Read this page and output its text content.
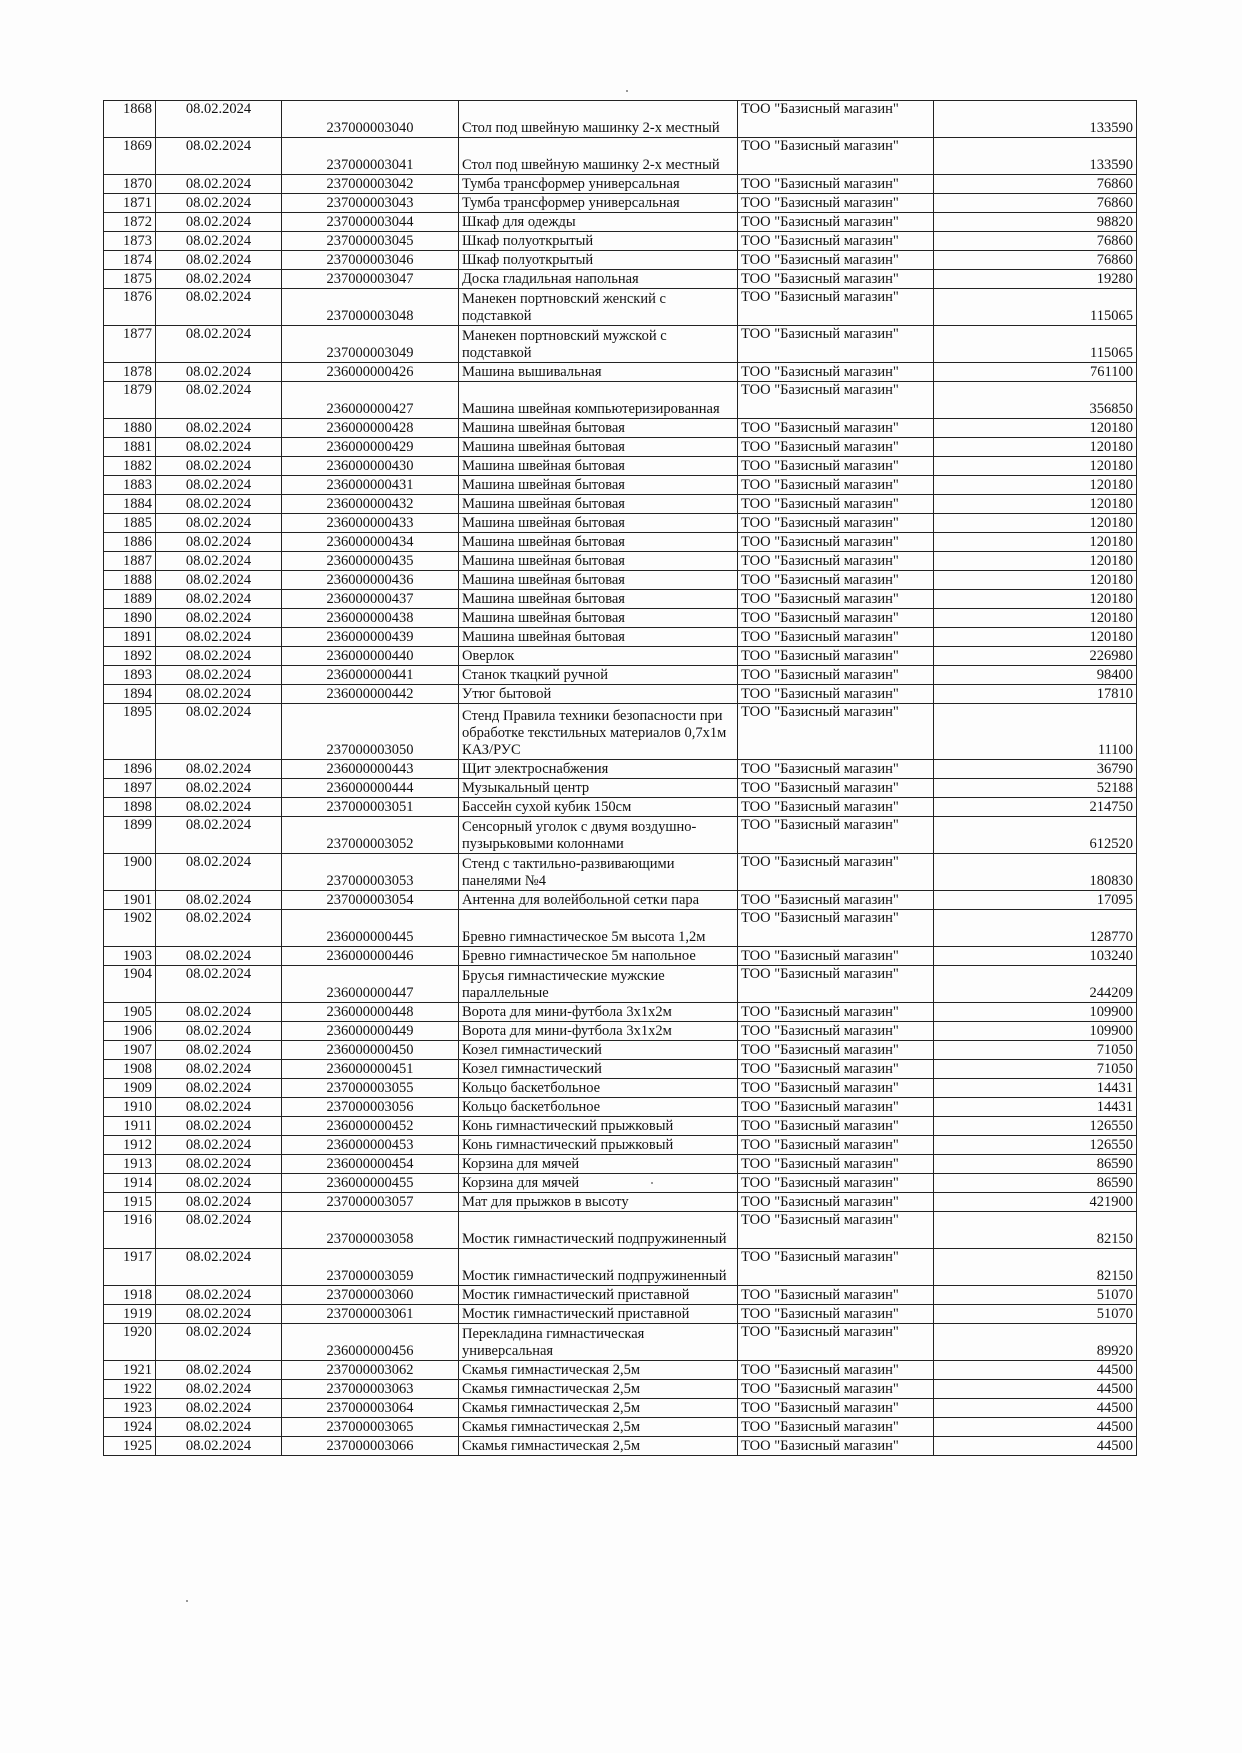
1868	08.02.2024	237000003040	Стол под швейную машинку 2-х местный	ТОО "Базисный магазин"	133590
1869	08.02.2024	237000003041	Стол под швейную машинку 2-х местный	ТОО "Базисный магазин"	133590
1870	08.02.2024	237000003042	Тумба трансформер универсальная	ТОО "Базисный магазин"	76860
1871	08.02.2024	237000003043	Тумба трансформер универсальная	ТОО "Базисный магазин"	76860
1872	08.02.2024	237000003044	Шкаф для одежды	ТОО "Базисный магазин"	98820
1873	08.02.2024	237000003045	Шкаф полуоткрытый	ТОО "Базисный магазин"	76860
1874	08.02.2024	237000003046	Шкаф полуоткрытый	ТОО "Базисный магазин"	76860
1875	08.02.2024	237000003047	Доска гладильная напольная	ТОО "Базисный магазин"	19280
1876	08.02.2024	237000003048	Манекен портновский женский с подставкой	ТОО "Базисный магазин"	115065
1877	08.02.2024	237000003049	Манекен портновский мужской с подставкой	ТОО "Базисный магазин"	115065
1878	08.02.2024	236000000426	Машина вышивальная	ТОО "Базисный магазин"	761100
1879	08.02.2024	236000000427	Машина швейная компьютеризированная	ТОО "Базисный магазин"	356850
1880	08.02.2024	236000000428	Машина швейная бытовая	ТОО "Базисный магазин"	120180
1881	08.02.2024	236000000429	Машина швейная бытовая	ТОО "Базисный магазин"	120180
1882	08.02.2024	236000000430	Машина швейная бытовая	ТОО "Базисный магазин"	120180
1883	08.02.2024	236000000431	Машина швейная бытовая	ТОО "Базисный магазин"	120180
1884	08.02.2024	236000000432	Машина швейная бытовая	ТОО "Базисный магазин"	120180
1885	08.02.2024	236000000433	Машина швейная бытовая	ТОО "Базисный магазин"	120180
1886	08.02.2024	236000000434	Машина швейная бытовая	ТОО "Базисный магазин"	120180
1887	08.02.2024	236000000435	Машина швейная бытовая	ТОО "Базисный магазин"	120180
1888	08.02.2024	236000000436	Машина швейная бытовая	ТОО "Базисный магазин"	120180
1889	08.02.2024	236000000437	Машина швейная бытовая	ТОО "Базисный магазин"	120180
1890	08.02.2024	236000000438	Машина швейная бытовая	ТОО "Базисный магазин"	120180
1891	08.02.2024	236000000439	Машина швейная бытовая	ТОО "Базисный магазин"	120180
1892	08.02.2024	236000000440	Оверлок	ТОО "Базисный магазин"	226980
1893	08.02.2024	236000000441	Станок ткацкий ручной	ТОО "Базисный магазин"	98400
1894	08.02.2024	236000000442	Утюг бытовой	ТОО "Базисный магазин"	17810
1895	08.02.2024	237000003050	Стенд Правила техники безопасности при обработке текстильных материалов 0,7х1м КАЗ/РУС	ТОО "Базисный магазин"	11100
1896	08.02.2024	236000000443	Щит электроснабжения	ТОО "Базисный магазин"	36790
1897	08.02.2024	236000000444	Музыкальный центр	ТОО "Базисный магазин"	52188
1898	08.02.2024	237000003051	Бассейн сухой кубик 150см	ТОО "Базисный магазин"	214750
1899	08.02.2024	237000003052	Сенсорный уголок с двумя воздушно-пузырьковыми колоннами	ТОО "Базисный магазин"	612520
1900	08.02.2024	237000003053	Стенд с тактильно-развивающими панелями №4	ТОО "Базисный магазин"	180830
1901	08.02.2024	237000003054	Антенна для волейбольной сетки пара	ТОО "Базисный магазин"	17095
1902	08.02.2024	236000000445	Бревно гимнастическое 5м высота 1,2м	ТОО "Базисный магазин"	128770
1903	08.02.2024	236000000446	Бревно гимнастическое 5м напольное	ТОО "Базисный магазин"	103240
1904	08.02.2024	236000000447	Брусья гимнастические мужские параллельные	ТОО "Базисный магазин"	244209
1905	08.02.2024	236000000448	Ворота для мини-футбола 3х1х2м	ТОО "Базисный магазин"	109900
1906	08.02.2024	236000000449	Ворота для мини-футбола 3х1х2м	ТОО "Базисный магазин"	109900
1907	08.02.2024	236000000450	Козел гимнастический	ТОО "Базисный магазин"	71050
1908	08.02.2024	236000000451	Козел гимнастический	ТОО "Базисный магазин"	71050
1909	08.02.2024	237000003055	Кольцо баскетбольное	ТОО "Базисный магазин"	14431
1910	08.02.2024	237000003056	Кольцо баскетбольное	ТОО "Базисный магазин"	14431
1911	08.02.2024	236000000452	Конь гимнастический прыжковый	ТОО "Базисный магазин"	126550
1912	08.02.2024	236000000453	Конь гимнастический прыжковый	ТОО "Базисный магазин"	126550
1913	08.02.2024	236000000454	Корзина для мячей	ТОО "Базисный магазин"	86590
1914	08.02.2024	236000000455	Корзина для мячей	ТОО "Базисный магазин"	86590
1915	08.02.2024	237000003057	Мат для прыжков в высоту	ТОО "Базисный магазин"	421900
1916	08.02.2024	237000003058	Мостик гимнастический подпружиненный	ТОО "Базисный магазин"	82150
1917	08.02.2024	237000003059	Мостик гимнастический подпружиненный	ТОО "Базисный магазин"	82150
1918	08.02.2024	237000003060	Мостик гимнастический приставной	ТОО "Базисный магазин"	51070
1919	08.02.2024	237000003061	Мостик гимнастический приставной	ТОО "Базисный магазин"	51070
1920	08.02.2024	236000000456	Перекладина гимнастическая универсальная	ТОО "Базисный магазин"	89920
1921	08.02.2024	237000003062	Скамья гимнастическая 2,5м	ТОО "Базисный магазин"	44500
1922	08.02.2024	237000003063	Скамья гимнастическая 2,5м	ТОО "Базисный магазин"	44500
1923	08.02.2024	237000003064	Скамья гимнастическая 2,5м	ТОО "Базисный магазин"	44500
1924	08.02.2024	237000003065	Скамья гимнастическая 2,5м	ТОО "Базисный магазин"	44500
1925	08.02.2024	237000003066	Скамья гимнастическая 2,5м	ТОО "Базисный магазин"	44500
